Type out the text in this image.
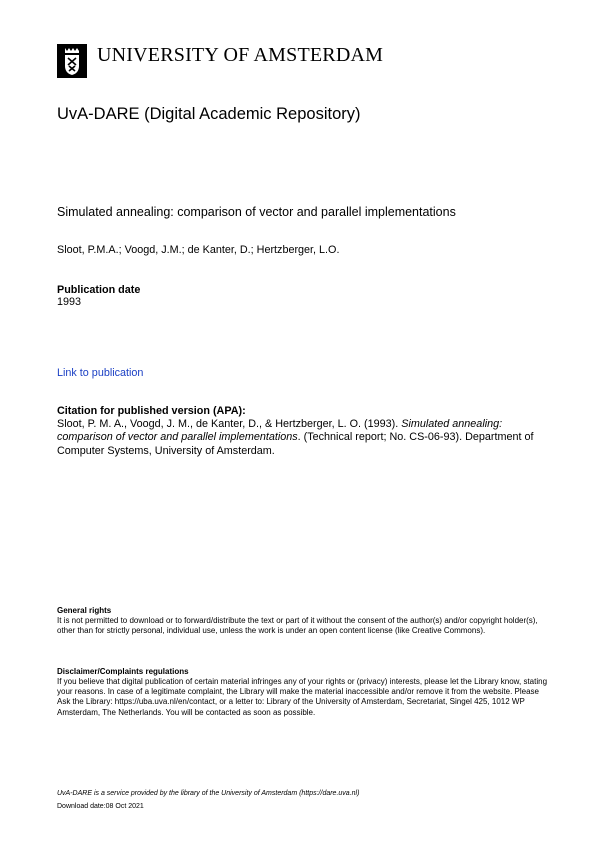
UNIVERSITY OF AMSTERDAM
UvA-DARE (Digital Academic Repository)
Simulated annealing: comparison of vector and parallel implementations
Sloot, P.M.A.; Voogd, J.M.; de Kanter, D.; Hertzberger, L.O.
Publication date
1993
Link to publication
Citation for published version (APA):
Sloot, P. M. A., Voogd, J. M., de Kanter, D., & Hertzberger, L. O. (1993). Simulated annealing: comparison of vector and parallel implementations. (Technical report; No. CS-06-93). Department of Computer Systems, University of Amsterdam.
General rights
It is not permitted to download or to forward/distribute the text or part of it without the consent of the author(s) and/or copyright holder(s), other than for strictly personal, individual use, unless the work is under an open content license (like Creative Commons).
Disclaimer/Complaints regulations
If you believe that digital publication of certain material infringes any of your rights or (privacy) interests, please let the Library know, stating your reasons. In case of a legitimate complaint, the Library will make the material inaccessible and/or remove it from the website. Please Ask the Library: https://uba.uva.nl/en/contact, or a letter to: Library of the University of Amsterdam, Secretariat, Singel 425, 1012 WP Amsterdam, The Netherlands. You will be contacted as soon as possible.
UvA-DARE is a service provided by the library of the University of Amsterdam (https://dare.uva.nl)
Download date:08 Oct 2021
